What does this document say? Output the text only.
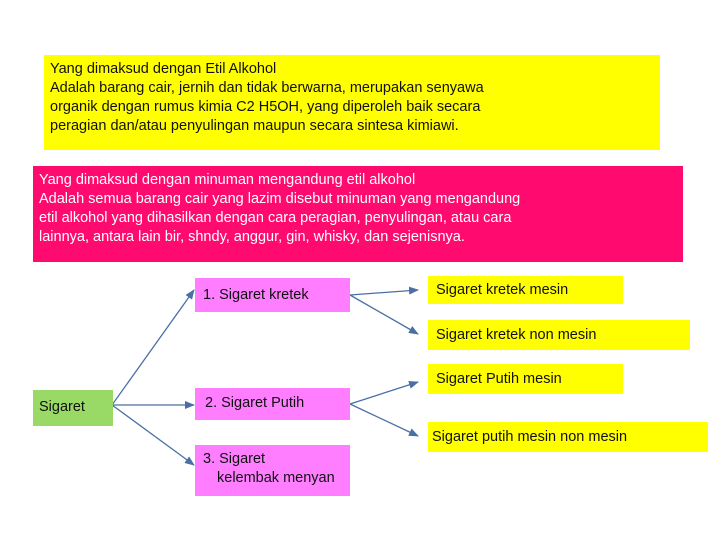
Yang dimaksud dengan Etil Alkohol
Adalah barang cair, jernih dan tidak berwarna, merupakan senyawa
organik dengan rumus kimia C2 H5OH, yang diperoleh baik secara
peragian dan/atau penyulingan maupun secara sintesa kimiawi.
Yang dimaksud dengan minuman mengandung etil alkohol
Adalah semua barang cair yang lazim disebut minuman yang mengandung
etil alkohol yang dihasilkan dengan cara peragian, penyulingan, atau cara
lainnya, antara lain bir, shndy, anggur, gin, whisky, dan sejenisnya.
Sigaret
1. Sigaret kretek
2. Sigaret Putih
3. Sigaret
kelembak menyan
Sigaret kretek mesin
Sigaret kretek non mesin
Sigaret Putih mesin
Sigaret putih mesin non mesin
